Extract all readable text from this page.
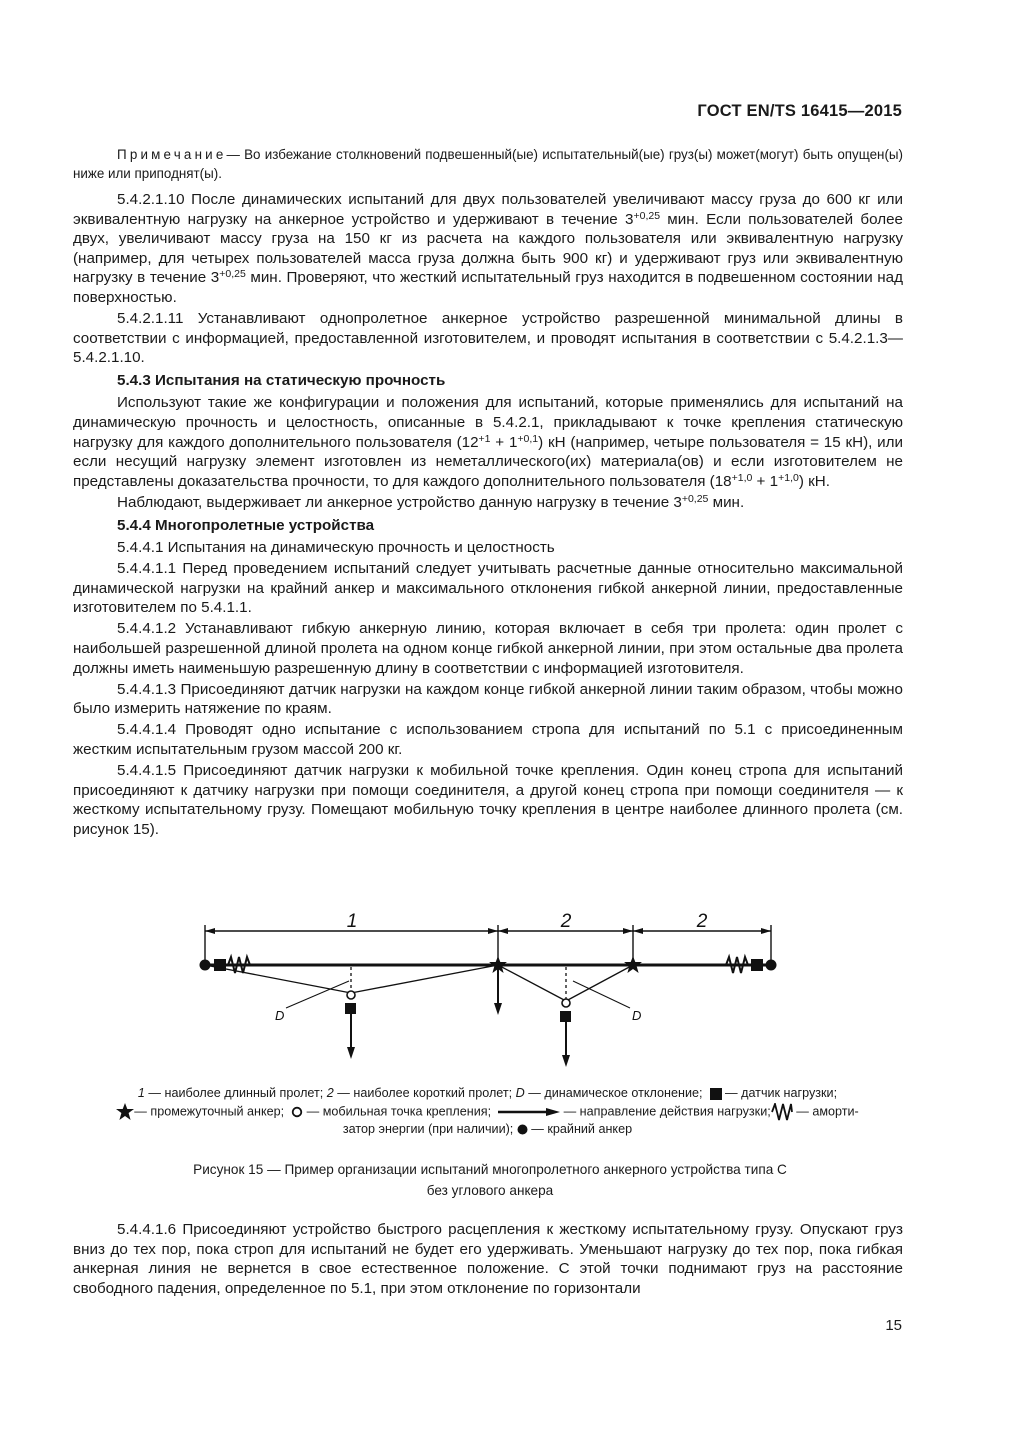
ГОСТ EN/TS 16415—2015

Примечание— Во избежание столкновений подвешенный(ые) испытательный(ые) груз(ы) может(могут) быть опущен(ы) ниже или приподнят(ы).

5.4.2.1.10 После динамических испытаний для двух пользователей увеличивают массу груза до 600 кг или эквивалентную нагрузку на анкерное устройство и удерживают в течение $3^{+0,25}$ мин. Если пользователей более двух, увеличивают массу груза на 150 кг из расчета на каждого пользователя или эквивалентную нагрузку (например, для четырех пользователей масса груза должна быть 900 кг) и удерживают груз или эквивалентную нагрузку в течение $3^{+0,25}$ мин. Проверяют, что жесткий испытательный груз находится в подвешенном состоянии над поверхностью.

5.4.2.1.11 Устанавливают однопролетное анкерное устройство разрешенной минимальной длины в соответствии с информацией, предоставленной изготовителем, и проводят испытания в соответствии с 5.4.2.1.3—5.4.2.1.10.

5.4.3 Испытания на статическую прочность

Используют такие же конфигурации и положения для испытаний, которые применялись для испытаний на динамическую прочность и целостность, описанные в 5.4.2.1, прикладывают к точке крепления статическую нагрузку для каждого дополнительного пользователя $(12^{+1} + 1^{+0,1})$ кН (например, четыре пользователя = 15 кН), или если несущий нагрузку элемент изготовлен из неметаллического(их) материала(ов) и если изготовителем не представлены доказательства прочности, то для каждого дополнительного пользователя $(18^{+1,0} + 1^{+1,0})$ кН.

Наблюдают, выдерживает ли анкерное устройство данную нагрузку в течение $3^{+0,25}$ мин.

5.4.4 Многопролетные устройства

5.4.4.1 Испытания на динамическую прочность и целостность

5.4.4.1.1 Перед проведением испытаний следует учитывать расчетные данные относительно максимальной динамической нагрузки на крайний анкер и максимального отклонения гибкой анкерной линии, предоставленные изготовителем по 5.4.1.1.

5.4.4.1.2 Устанавливают гибкую анкерную линию, которая включает в себя три пролета: один пролет с наибольшей разрешенной длиной пролета на одном конце гибкой анкерной линии, при этом остальные два пролета должны иметь наименьшую разрешенную длину в соответствии с информацией изготовителя.

5.4.4.1.3 Присоединяют датчик нагрузки на каждом конце гибкой анкерной линии таким образом, чтобы можно было измерить натяжение по краям.

5.4.4.1.4 Проводят одно испытание с использованием стропа для испытаний по 5.1 с присоединенным жестким испытательным грузом массой 200 кг.

5.4.4.1.5 Присоединяют датчик нагрузки к мобильной точке крепления. Один конец стропа для испытаний присоединяют к датчику нагрузки при помощи соединителя, а другой конец стропа при помощи соединителя — к жесткому испытательному грузу. Помещают мобильную точку крепления в центре наиболее длинного пролета (см. рисунок 15).

1	2	2
D	D
1 — наиболее длинный пролет; 2 — наиболее короткий пролет; D — динамическое отклонение;   — датчик нагрузки;
— промежуточный анкер;   — мобильная точка крепления;	— направление действия нагрузки; — аморти-
затор энергии (при наличии);  — крайний анкер
Рисунок 15 — Пример организации испытаний многопролетного анкерного устройства типа С
без углового анкера

5.4.4.1.6 Присоединяют устройство быстрого расцепления к жесткому испытательному грузу. Опускают груз вниз до тех пор, пока строп для испытаний не будет его удерживать. Уменьшают нагрузку до тех пор, пока гибкая анкерная линия не вернется в свое естественное положение. С этой точки поднимают груз на расстояние свободного падения, определенное по 5.1, при этом отклонение по горизонтали

15
